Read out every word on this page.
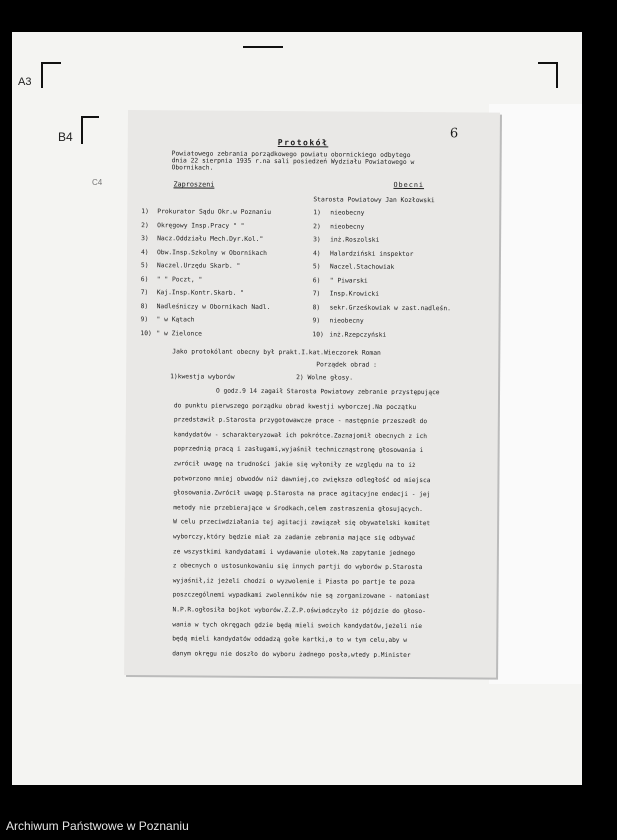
A3
B4
C4
Protokół
6
Powiatowego zebrania porządkowego powiatu obornickiego odbytego
dnia 22 sierpnia 1935 r.na sali posiedzeń Wydziału Powiatowego w
Obornikach.
Zaproszeni	Obecni
Starosta Powiatowy Jan Kozłowski
1) Prokurator Sądu Okr.w Poznaniu	1) nieobecny
2) Okręgowy Insp.Pracy " "	2) nieobecny
3) Nacz.Oddziału Mech.Dyr.Kol."	3) inż.Roszolski
4) Obw.Insp.Szkolny w Obornikach	4) Halardziński inspektor
5) Naczel.Urzędu Skarb. "	5) Naczel.Stachowiak
6) " " Poczt, "	6) " Piwarski
7) Kaj.Insp.Kontr.Skarb. "	7) Insp.Krowicki
8) Nadleśniczy w Obornikach Nadl.	8) sekr.Grześkowiak w zast.nadleśn.
9) " w Kątach	9) nieobecny
10) " w Zielonce	10) inż.Rzepczyński
Jako protokólant obecny był prakt.I.kat.Wieczorek Roman
Porządek obrad :
1)kwestja wyborów	2) Wolne głosy.
O godz.9 14 zagaił Starosta Powiatowy zebranie przystępujące
do punktu pierwszego porządku obrad kwestji wyborczej.Na początku
przedstawił p.Starosta przygotowawcze prace - następnie przeszedł do
kandydatów - scharakteryzował ich pokrótce.Zaznajomił obecnych z ich
poprzednią pracą i zasługami,wyjaśnił technicznąstronę głosowania i
zwrócił uwagę na trudności jakie się wyłoniły ze względu na to iż
potworzono mniej obwodów niż dawniej,co zwiększa odległość od miejsca
głosowania.Zwrócił uwagę p.Starosta na prace agitacyjne endecji - jej
metody nie przebierające w środkach,celem zastraszenia głosujących.
W celu przeciwdziałania tej agitacji zawiązał się obywatelski komitet
wyborczy,który będzie miał za zadanie zebrania mające się odbywać
ze wszystkimi kandydatami i wydawanie ulotek.Na zapytanie jednego
z obecnych o ustosunkowaniu się innych partji do wyborów p.Starosta
wyjaśnił,iż jeżeli chodzi o wyzwolenie i Piasta po partje te poza
poszczególnemi wypadkami zwolenników nie są zorganizowane - natomiast
N.P.R.ogłosiła bojkot wyborów.Z.Z.P.oświadczyło iż pójdzie do głoso-
wania w tych okręgach gdzie będą mieli swoich kandydatów,jeżeli nie
będą mieli kandydatów oddadzą gołe kartki,a to w tym celu,aby w
danym okręgu nie doszło do wyboru żadnego posła,wtedy p.Minister
Archiwum Państwowe w Poznaniu
